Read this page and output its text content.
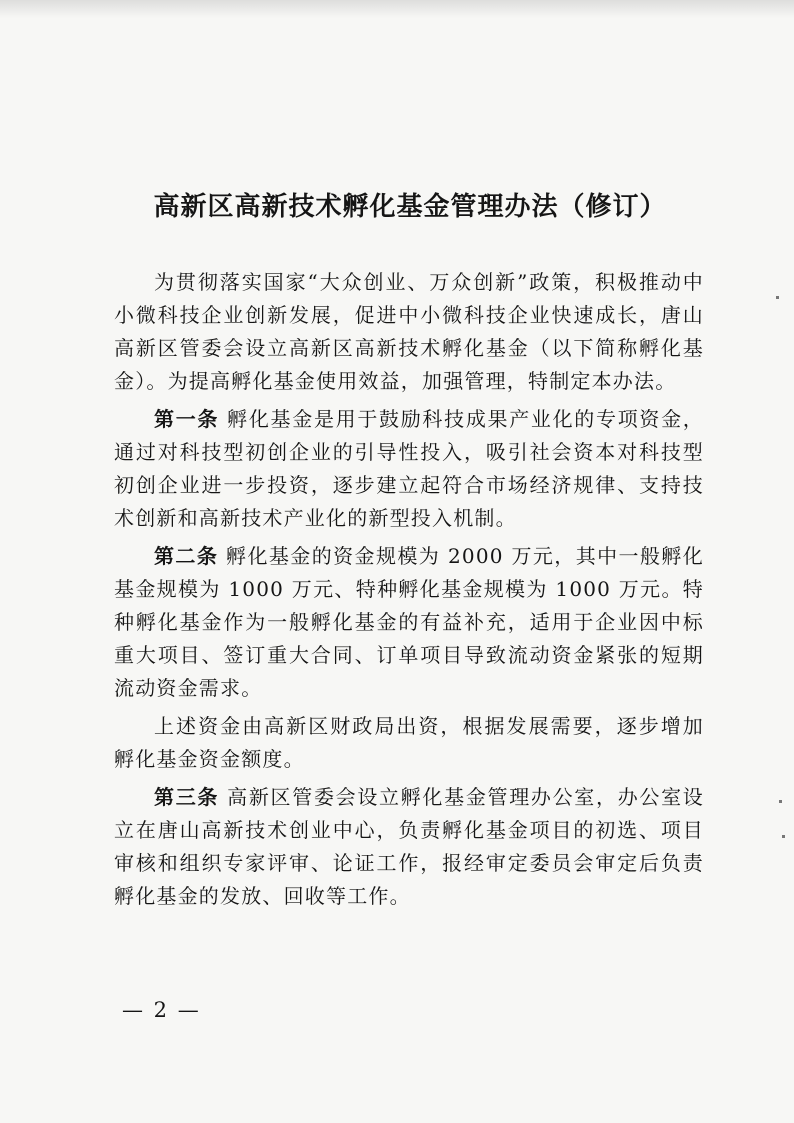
高新区高新技术孵化基金管理办法（修订）

为贯彻落实国家“大众创业、万众创新”政策，积极推动中小微科技企业创新发展，促进中小微科技企业快速成长，唐山高新区管委会设立高新区高新技术孵化基金（以下简称孵化基金）。为提高孵化基金使用效益，加强管理，特制定本办法。

第一条 孵化基金是用于鼓励科技成果产业化的专项资金，通过对科技型初创企业的引导性投入，吸引社会资本对科技型初创企业进一步投资，逐步建立起符合市场经济规律、支持技术创新和高新技术产业化的新型投入机制。

第二条 孵化基金的资金规模为 2000 万元，其中一般孵化基金规模为 1000 万元、特种孵化基金规模为 1000 万元。特种孵化基金作为一般孵化基金的有益补充，适用于企业因中标重大项目、签订重大合同、订单项目导致流动资金紧张的短期流动资金需求。

上述资金由高新区财政局出资，根据发展需要，逐步增加孵化基金资金额度。

第三条 高新区管委会设立孵化基金管理办公室，办公室设立在唐山高新技术创业中心，负责孵化基金项目的初选、项目审核和组织专家评审、论证工作，报经审定委员会审定后负责孵化基金的发放、回收等工作。

— 2 —
